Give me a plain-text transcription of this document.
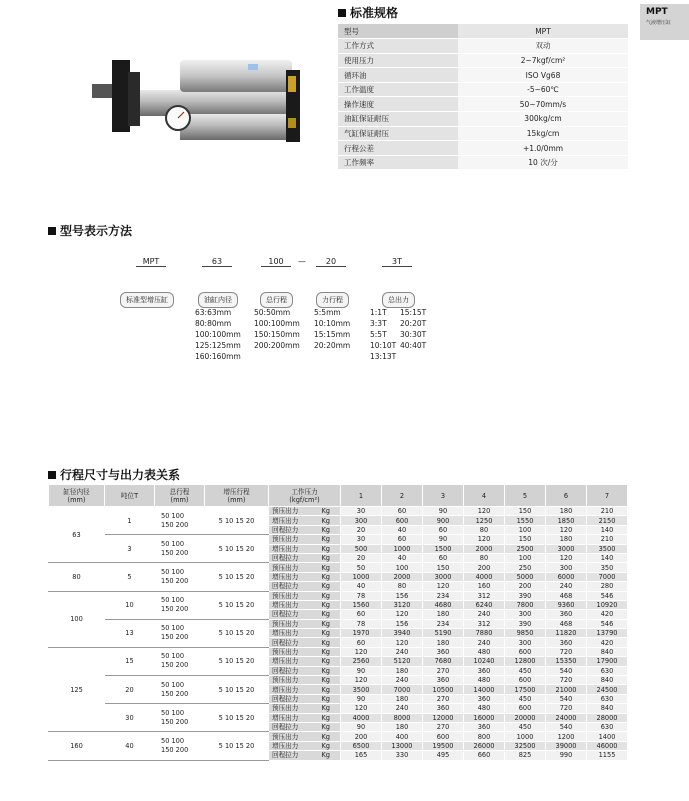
MPT
气液增压缸
标准规格
型号	MPT
工作方式	双动
使用压力	2~7kgf/cm²
循环油	ISO Vg68
工作温度	-5~60℃
操作速度	50~70mm/s
油缸保证耐压	300kg/cm
气缸保证耐压	15kg/cm
行程公差	+1.0/0mm
工作频率	10 次/分
型号表示方法
MPT	63	100	—	20	3T
标准型增压缸	油缸内径	总行程	力行程	总出力
63:63mm
80:80mm
100:100mm
125:125mm
160:160mm
50:50mm
100:100mm
150:150mm
200:200mm
5:5mm
10:10mm
15:15mm
20:20mm
1:1T	15:15T
3:3T	20:20T
5:5T	30:30T
10:10T 40:40T
13:13T
行程尺寸与出力表关系
缸径内径
(mm)	吨位T	总行程
(mm)	增压行程
(mm)	工作压力
(kgf/cm²)	1	2	3	4	5	6	7
63	1	50 100
150 200	5 10 15 20	预压出力 Kg	30	60	90	120	150	180	210
				增压出力 Kg	300	600	900	1250	1550	1850	2150
				回程拉力 Kg	20	40	60	80	100	120	140
	3	50 100
150 200	5 10 15 20	预压出力 Kg	30	60	90	120	150	180	210
				增压出力 Kg	500	1000	1500	2000	2500	3000	3500
				回程拉力 Kg	20	40	60	80	100	120	140
80	5	50 100
150 200	5 10 15 20	预压出力 Kg	50	100	150	200	250	300	350
				增压出力 Kg	1000	2000	3000	4000	5000	6000	7000
				回程拉力 Kg	40	80	120	160	200	240	280
100	10	50 100
150 200	5 10 15 20	预压出力 Kg	78	156	234	312	390	468	546
				增压出力 Kg	1560	3120	4680	6240	7800	9360	10920
				回程拉力 Kg	60	120	180	240	300	360	420
	13	50 100
150 200	5 10 15 20	预压出力 Kg	78	156	234	312	390	468	546
				增压出力 Kg	1970	3940	5190	7880	9850	11820	13790
				回程拉力 Kg	60	120	180	240	300	360	420
125	15	50 100
150 200	5 10 15 20	预压出力 Kg	120	240	360	480	600	720	840
				增压出力 Kg	2560	5120	7680	10240	12800	15350	17900
				回程拉力 Kg	90	180	270	360	450	540	630
	20	50 100
150 200	5 10 15 20	预压出力 Kg	120	240	360	480	600	720	840
				增压出力 Kg	3500	7000	10500	14000	17500	21000	24500
				回程拉力 Kg	90	180	270	360	450	540	630
	30	50 100
150 200	5 10 15 20	预压出力 Kg	120	240	360	480	600	720	840
				增压出力 Kg	4000	8000	12000	16000	20000	24000	28000
				回程拉力 Kg	90	180	270	360	450	540	630
160	40	50 100
150 200	5 10 15 20	预压出力 Kg	200	400	600	800	1000	1200	1400
				增压出力 Kg	6500	13000	19500	26000	32500	39000	46000
				回程拉力 Kg	165	330	495	660	825	990	1155
